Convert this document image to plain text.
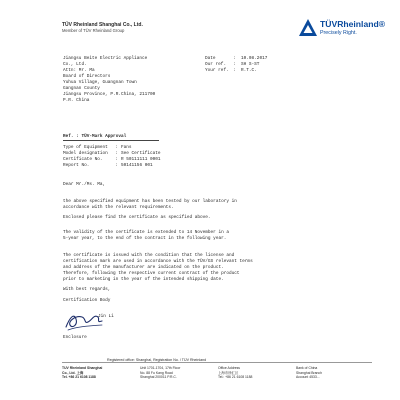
TÜV Rheinland Shanghai Co., Ltd.
Member of TÜV Rheinland Group
TÜVRheinland®
Precisely Right.
Jiangsu Beite Electric Appliance
Co., Ltd.
Attn: Mr. Ma
Board of Directors
Yuhua Village, Guangnan Town
Gangnan County
Jiangsu Province, P.R.China, 211700
P.R. China
Date	:	10.08.2017
Our ref.	:	SH S-ST
Your ref. :	R.T.C.
Ref. : TÜV-Mark Approval
Type of Equipment	: Fans
Model designation	: See Certificate
Certificate No.	: R 50111111 0001
Report No.	: 50141156 001
Dear Mr./Ms. Ma,
the above specified equipment has been tested by our laboratory in
accordance with the relevant requirements.
Enclosed please find the certificate as specified above.
The validity of the certificate is extended to 14 November in a
5-year year, to the end of the contract in the following year.
The certificate is issued with the condition that the license and
certification mark are used in accordance with the TÜV/GS relevant terms
and address of the manufacturer are indicated on the product.
Therefore, following the respective current contract of the product
prior to marketing in the year of the intended shipping date.
With best regards,
Certification Body
Jin Li
Enclosure
Registered office: Shanghai, Registration No. / TÜV Rheinland
TÜV Rheinland Shanghai
Co., Ltd. 上海
Tel. +86 21 6108 1188
Unit 1701-1704, 17th Floor
No. 88 Fu Kang Road
Shanghai 200011 P.R.C.
Office Address
上海市徐汇区
Tel.: +86 21 6108 1188
Bank of China
Shanghai Branch
Account 4533...
